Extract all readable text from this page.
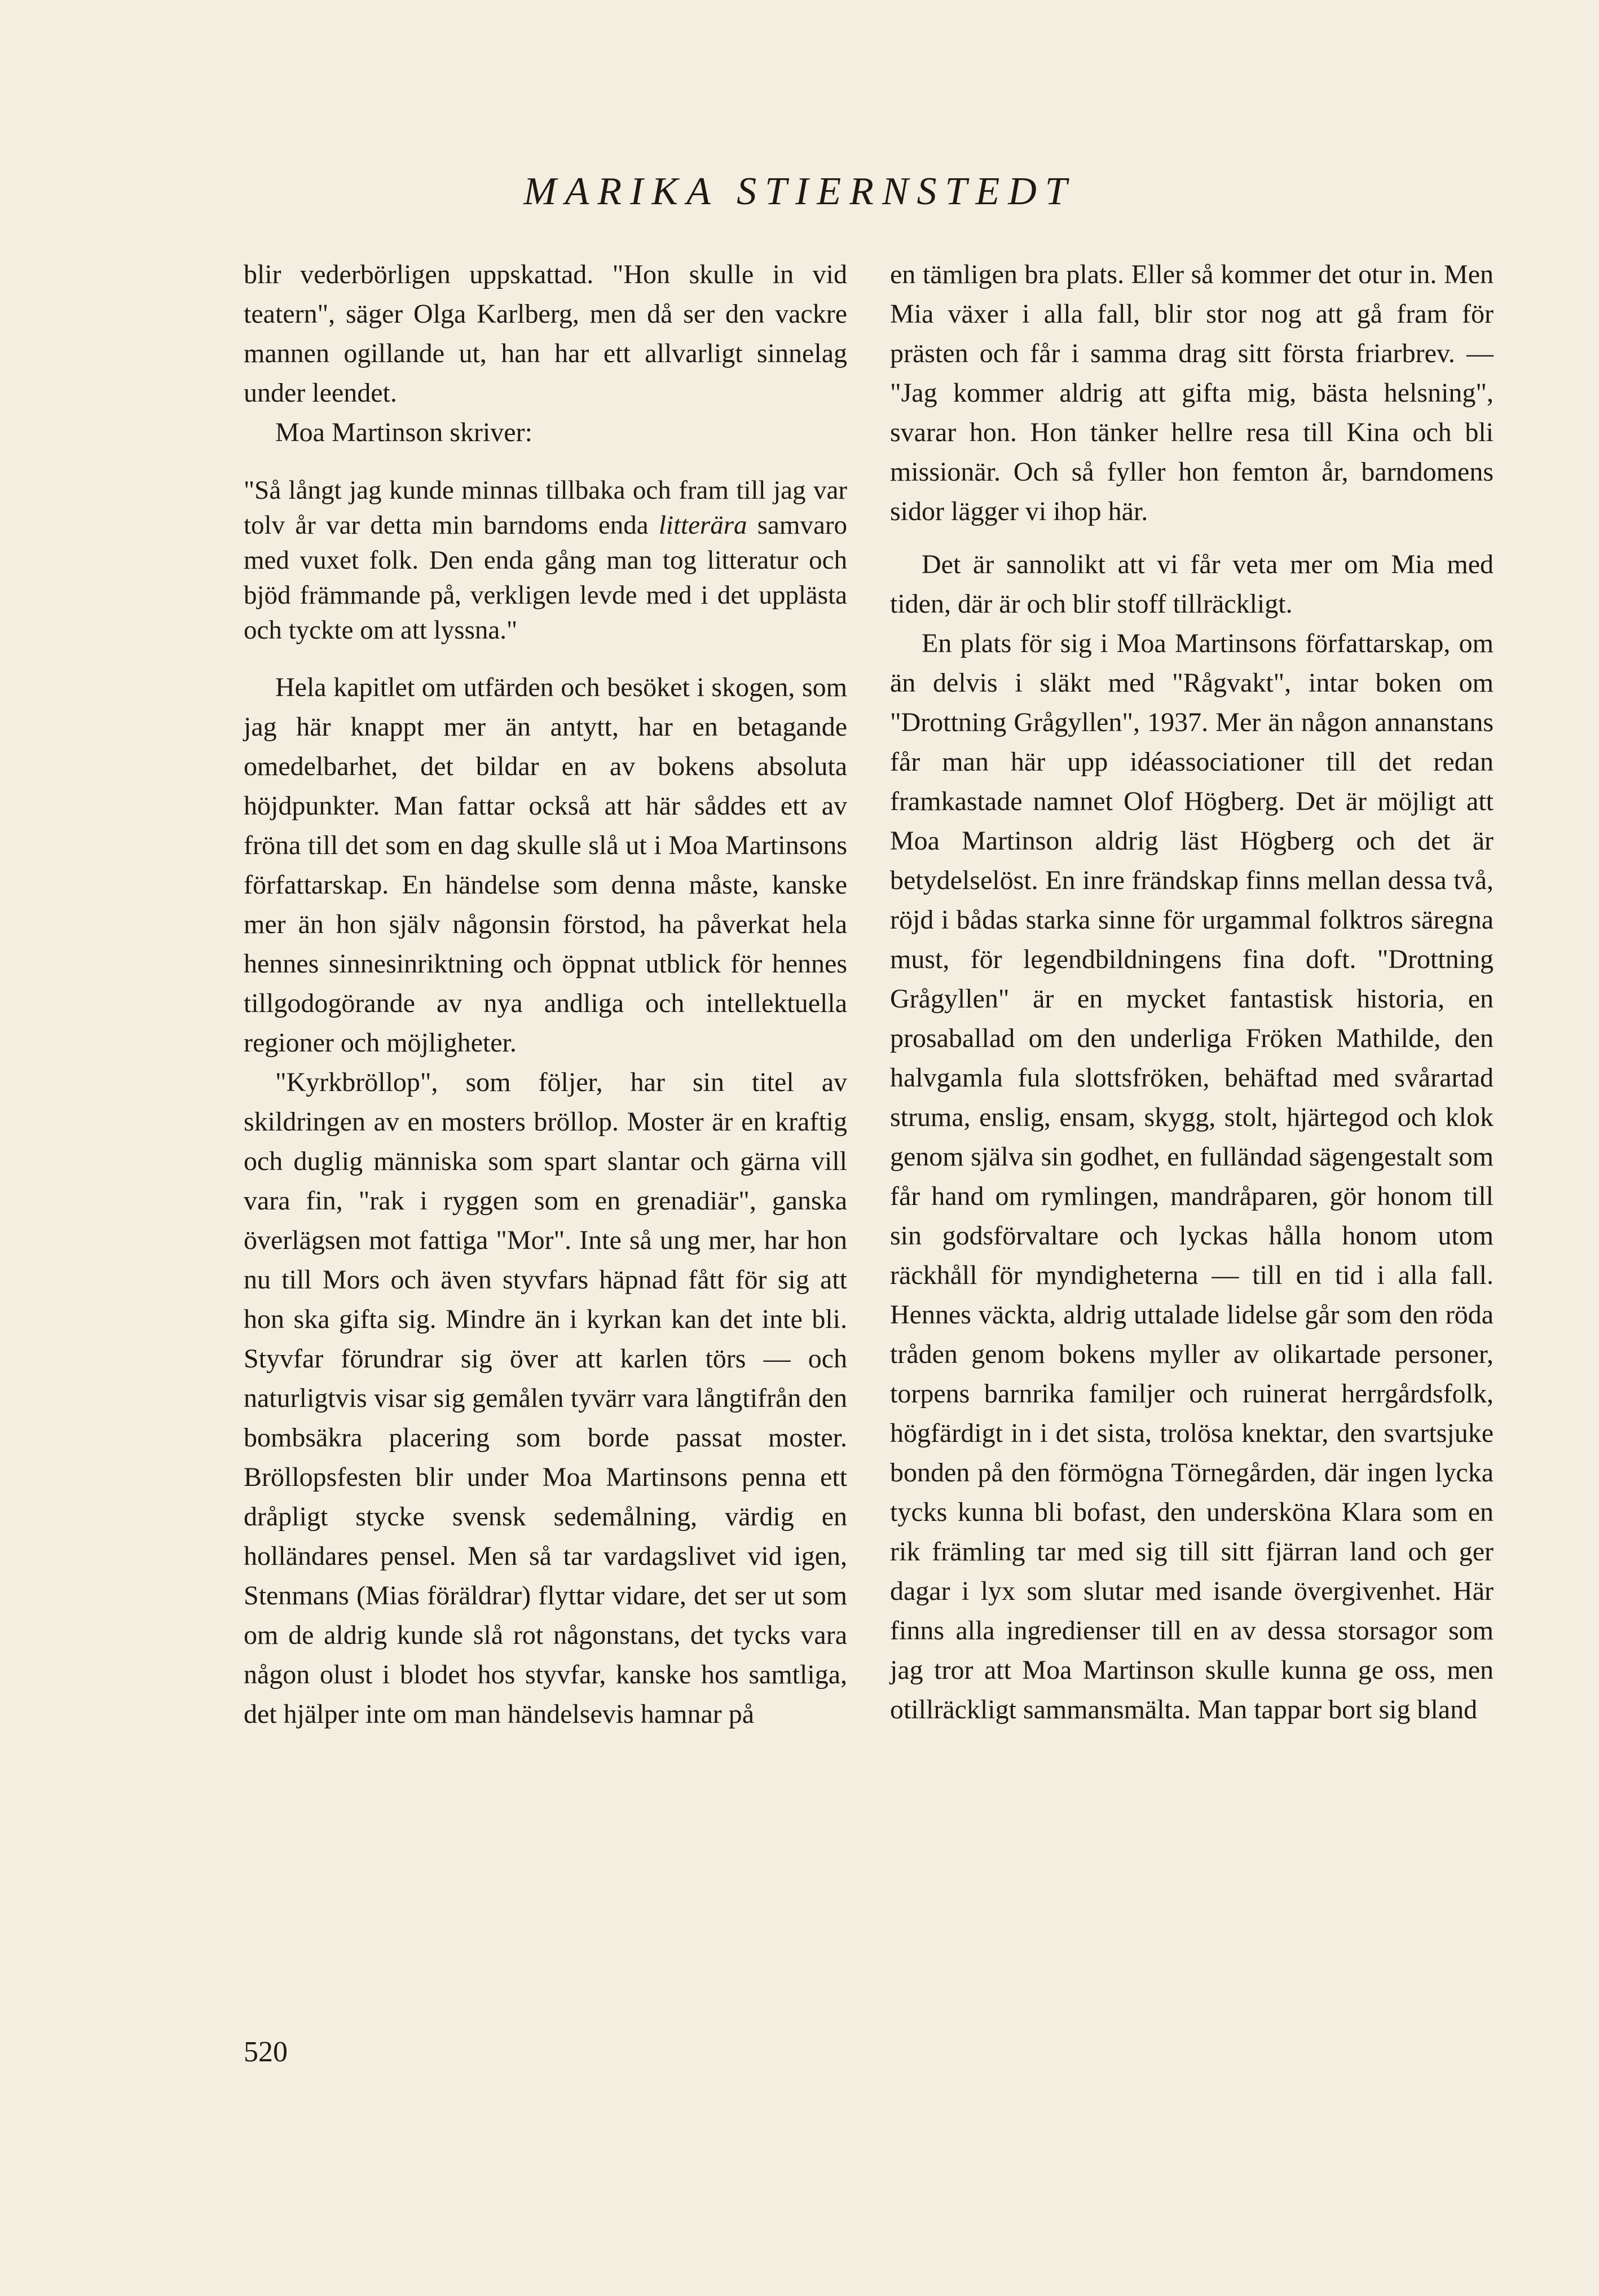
MARIKA STIERNSTEDT

blir vederbörligen uppskattad. "Hon skulle in vid teatern", säger Olga Karlberg, men då ser den vackre mannen ogillande ut, han har ett allvarligt sinnelag under leendet.

Moa Martinson skriver:

"Så långt jag kunde minnas tillbaka och fram till jag var tolv år var detta min barndoms enda litterära samvaro med vuxet folk. Den enda gång man tog litteratur och bjöd främmande på, verkligen levde med i det upplästa och tyckte om att lyssna."

Hela kapitlet om utfärden och besöket i skogen, som jag här knappt mer än antytt, har en betagande omedelbarhet, det bildar en av bokens absoluta höjdpunkter. Man fattar också att här såddes ett av fröna till det som en dag skulle slå ut i Moa Martinsons författarskap. En händelse som denna måste, kanske mer än hon själv någonsin förstod, ha påverkat hela hennes sinnesinriktning och öppnat utblick för hennes tillgodogörande av nya andliga och intellektuella regioner och möjligheter.

"Kyrkbröllop", som följer, har sin titel av skildringen av en mosters bröllop. Moster är en kraftig och duglig människa som spart slantar och gärna vill vara fin, "rak i ryggen som en grenadiär", ganska överlägsen mot fattiga "Mor". Inte så ung mer, har hon nu till Mors och även styvfars häpnad fått för sig att hon ska gifta sig. Mindre än i kyrkan kan det inte bli. Styvfar förundrar sig över att karlen törs — och naturligtvis visar sig gemålen tyvärr vara långtifrån den bombsäkra placering som borde passat moster. Bröllopsfesten blir under Moa Martinsons penna ett dråpligt stycke svensk sedemålning, värdig en holländares pensel. Men så tar vardagslivet vid igen, Stenmans (Mias föräldrar) flyttar vidare, det ser ut som om de aldrig kunde slå rot någonstans, det tycks vara någon olust i blodet hos styvfar, kanske hos samtliga, det hjälper inte om man händelsevis hamnar på

en tämligen bra plats. Eller så kommer det otur in. Men Mia växer i alla fall, blir stor nog att gå fram för prästen och får i samma drag sitt första friarbrev. — "Jag kommer aldrig att gifta mig, bästa helsning", svarar hon. Hon tänker hellre resa till Kina och bli missionär. Och så fyller hon femton år, barndomens sidor lägger vi ihop här.

Det är sannolikt att vi får veta mer om Mia med tiden, där är och blir stoff tillräckligt.

En plats för sig i Moa Martinsons författarskap, om än delvis i släkt med "Rågvakt", intar boken om "Drottning Grågyllen", 1937. Mer än någon annanstans får man här upp idéassociationer till det redan framkastade namnet Olof Högberg. Det är möjligt att Moa Martinson aldrig läst Högberg och det är betydelselöst. En inre frändskap finns mellan dessa två, röjd i bådas starka sinne för urgammal folktros säregna must, för legendbildningens fina doft. "Drottning Grågyllen" är en mycket fantastisk historia, en prosaballad om den underliga Fröken Mathilde, den halvgamla fula slottsfröken, behäftad med svårartad struma, enslig, ensam, skygg, stolt, hjärtegod och klok genom själva sin godhet, en fulländad sägengestalt som får hand om rymlingen, mandråparen, gör honom till sin godsförvaltare och lyckas hålla honom utom räckhåll för myndigheterna — till en tid i alla fall. Hennes väckta, aldrig uttalade lidelse går som den röda tråden genom bokens myller av olikartade personer, torpens barnrika familjer och ruinerat herrgårdsfolk, högfärdigt in i det sista, trolösa knektar, den svartsjuke bonden på den förmögna Törnegården, där ingen lycka tycks kunna bli bofast, den undersköna Klara som en rik främling tar med sig till sitt fjärran land och ger dagar i lyx som slutar med isande övergivenhet. Här finns alla ingredienser till en av dessa storsagor som jag tror att Moa Martinson skulle kunna ge oss, men otillräckligt sammansmälta. Man tappar bort sig bland

520
